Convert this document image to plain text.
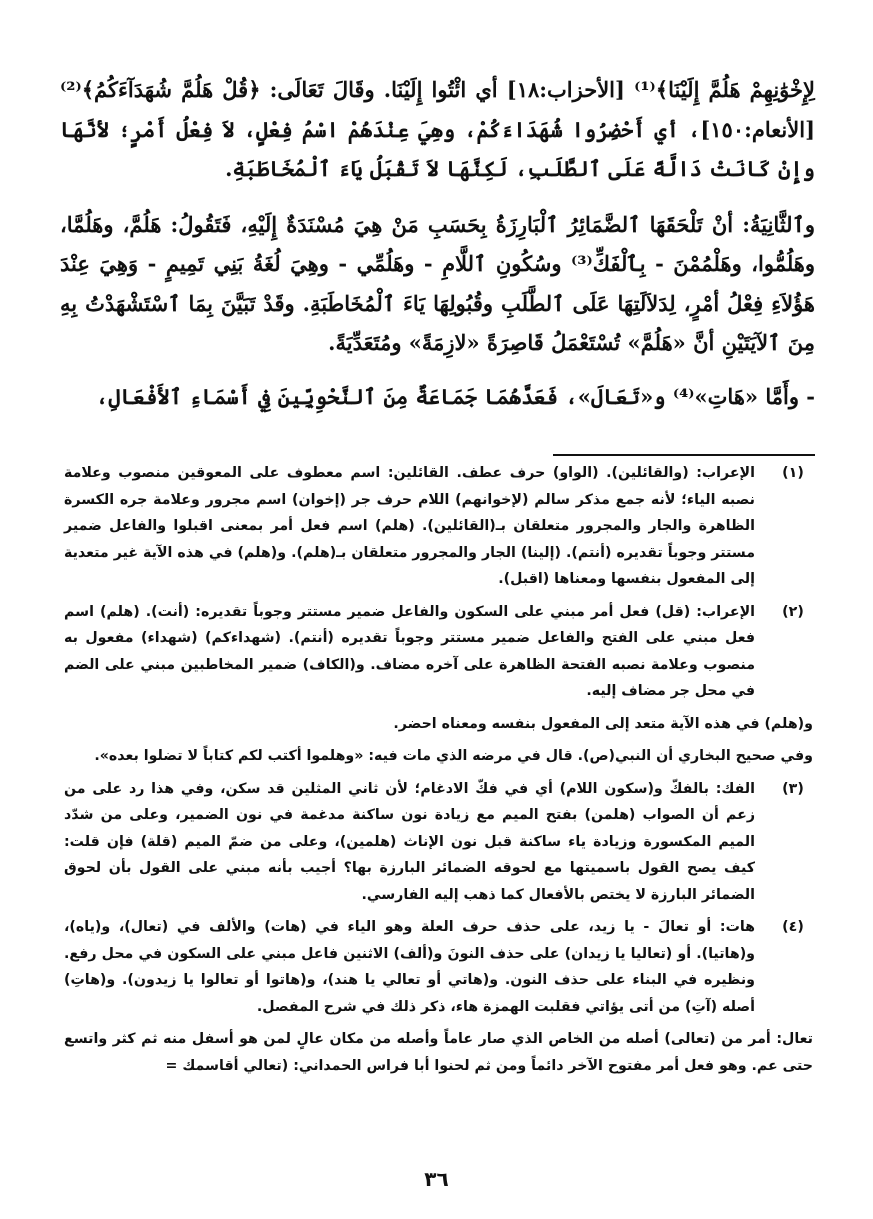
لِإِخْوَٰنِهِمْ هَلُمَّ إِلَيْنَا﴾⁽¹⁾ [الأحزاب:١٨] أي ائْتُوا إِلَيْنَا. وقَالَ تَعَالَى: ﴿قُلْ هَلُمَّ شُهَدَآءَكُمُ﴾⁽²⁾ [الأنعام:١٥٠]، أي أَحْضِرُوا شُهَدَاءَكُمْ، وهِيَ عِنْدَهُمْ اسْمُ فِعْلٍ، لاَ فِعْلُ أَمْرٍ؛ لأنَّهَا وإِنْ كَانَتْ دَالَّةً عَلَى ٱلطَّلَبِ، لَكِنَّهَا لاَ تَقْبَلُ يَاءَ ٱلْمُخَاطَبَةِ.

وٱلثَّانِيَةُ: أنْ تَلْحَقَهَا ٱلضَّمَائِرُ ٱلْبَارِزَةُ بِحَسَبِ مَنْ هِيَ مُسْنَدَةٌ إِلَيْهِ، فَتَقُولُ: هَلُمَّ، وهَلُمَّا، وهَلُمُّوا، وهَلْمُمْنَ - بِٱلْفَكِّ⁽³⁾ وسُكُونِ ٱللَّامِ - وهَلُمِّي - وهِيَ لُغَةُ بَنِي تَمِيمٍ - وَهِيَ عِنْدَ هَؤُلاَءِ فِعْلُ أمْرٍ، لِدَلاَلَتِهَا عَلَى ٱلطَّلَبِ وقُبُولِهَا يَاءَ ٱلْمُخَاطَبَةِ. وقَدْ تَبَيَّنَ بِمَا ٱسْتَشْهَدْتُ بِهِ مِنَ ٱلآيَتَيْنِ أنَّ «هَلُمَّ» تُسْتَعْمَلُ قَاصِرَةً «لازِمَةً» ومُتَعَدِّيَةً.

- وأَمَّا «هَاتِ»⁽⁴⁾ و«تَعَالَ»، فَعَدَّهُمَا جَمَاعَةٌ مِنَ ٱلنَّحْوِيِّينَ فِي أَسْمَاءِ ٱلأَفْعَالِ،

(١)
الإعراب: (والقائلين). (الواو) حرف عطف. القائلين: اسم معطوف على المعوقين منصوب وعلامة نصبه الياء؛ لأنه جمع مذكر سالم (لإخوانهم) اللام حرف جر (إخوان) اسم مجرور وعلامة جره الكسرة الظاهرة والجار والمجرور متعلقان بـ(القائلين). (هلم) اسم فعل أمر بمعنى اقبلوا والفاعل ضمير مستتر وجوباً تقديره (أنتم). (إلينا) الجار والمجرور متعلقان بـ(هلم). و(هلم) في هذه الآية غير متعدية إلى المفعول بنفسها ومعناها (اقبل).
(٢)
الإعراب: (قل) فعل أمر مبني على السكون والفاعل ضمير مستتر وجوباً تقديره: (أنت). (هلم) اسم فعل مبني على الفتح والفاعل ضمير مستتر وجوباً تقديره (أنتم). (شهداءكم) (شهداء) مفعول به منصوب وعلامة نصبه الفتحة الظاهرة على آخره مضاف. و(الكاف) ضمير المخاطبين مبني على الضم في محل جر مضاف إليه.
و(هلم) في هذه الآية متعد إلى المفعول بنفسه ومعناه احضر.
وفي صحيح البخاري أن النبي(ص). قال في مرضه الذي مات فيه: «وهلموا أكتب لكم كتاباً لا تضلوا بعده».
(٣)
الفك: بالفكّ و(سكون اللام) أي في فكّ الادغام؛ لأن ثاني المثلين قد سكن، وفي هذا رد على من زعم أن الصواب (هلمن) بفتح الميم مع زيادة نون ساكنة مدغمة في نون الضمير، وعلى من شدّد الميم المكسورة وزيادة ياء ساكنة قبل نون الإناث (هلمين)، وعلى من ضمّ الميم (قلة) فإن قلت: كيف يصح القول باسميتها مع لحوقه الضمائر البارزة بها؟ أجيب بأنه مبني على القول بأن لحوق الضمائر البارزة لا يختص بالأفعال كما ذهب إليه الفارسي.
(٤)
هات: أو تعالَ - يا زيد، على حذف حرف العلة وهو الياء في (هات) والألف في (تعال)، و(ياه)، و(هاتيا). أو (تعاليا يا زيدان) على حذف النونَ و(ألف) الاثنين فاعل مبني على السكون في محل رفع. ونظيره في البناء على حذف النون. و(هاتي أو تعالي يا هند)، و(هاتوا أو تعالوا يا زيدون). و(هاتِ) أصله (آتِ) من أتى يؤاتي فقلبت الهمزة هاء، ذكر ذلك في شرح المفصل.
تعال: أمر من (تعالى) أصله من الخاص الذي صار عاماً وأصله من مكان عالٍ لمن هو أسفل منه ثم كثر واتسع حتى عم. وهو فعل أمر مفتوح الآخر دائماً ومن ثم لحنوا أبا فراس الحمداني: (تعالي أقاسمك =
٣٦
